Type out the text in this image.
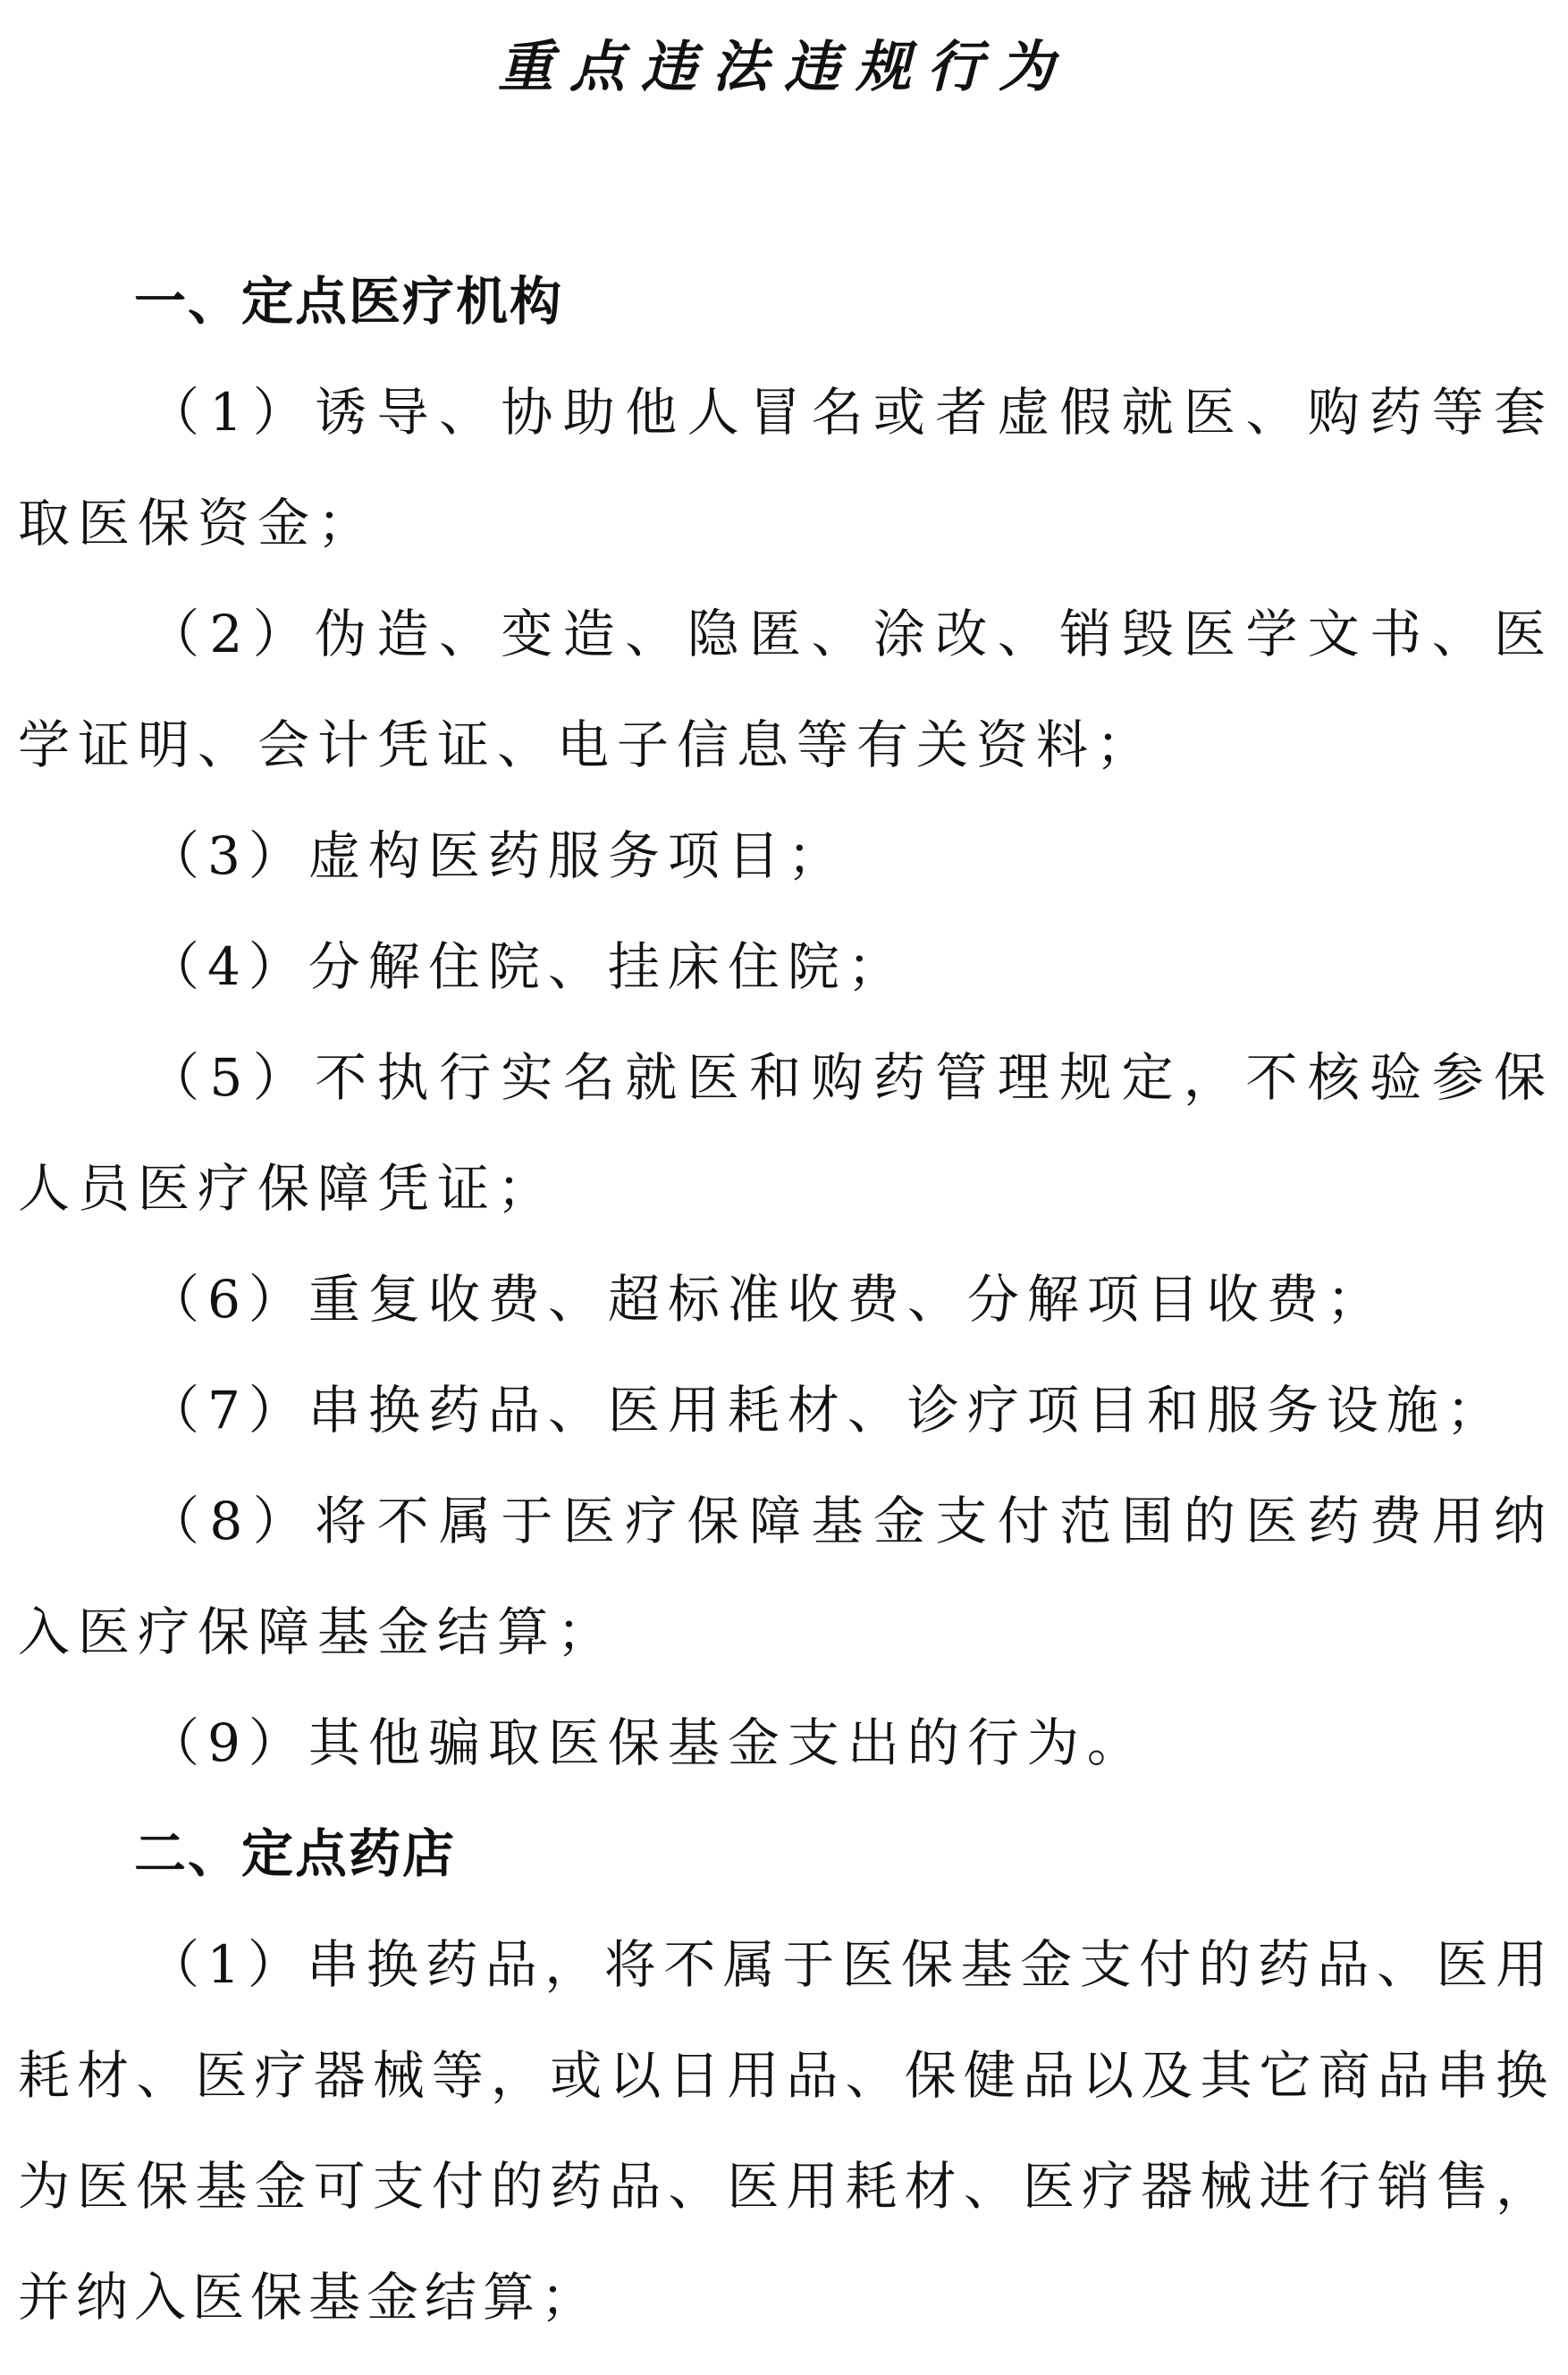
重点违法违规行为
一、定点医疗机构

（1）诱导、协助他人冒名或者虚假就医、购药等套取医保资金；

（2）伪造、变造、隐匿、涂改、销毁医学文书、医学证明、会计凭证、电子信息等有关资料；

（3）虚构医药服务项目；

（4）分解住院、挂床住院；

（5）不执行实名就医和购药管理规定，不核验参保人员医疗保障凭证；

（6）重复收费、超标准收费、分解项目收费；

（7）串换药品、医用耗材、诊疗项目和服务设施；

（8）将不属于医疗保障基金支付范围的医药费用纳入医疗保障基金结算；

（9）其他骗取医保基金支出的行为。

二、定点药店

（1）串换药品，将不属于医保基金支付的药品、医用耗材、医疗器械等，或以日用品、保健品以及其它商品串换为医保基金可支付的药品、医用耗材、医疗器械进行销售，并纳入医保基金结算；
